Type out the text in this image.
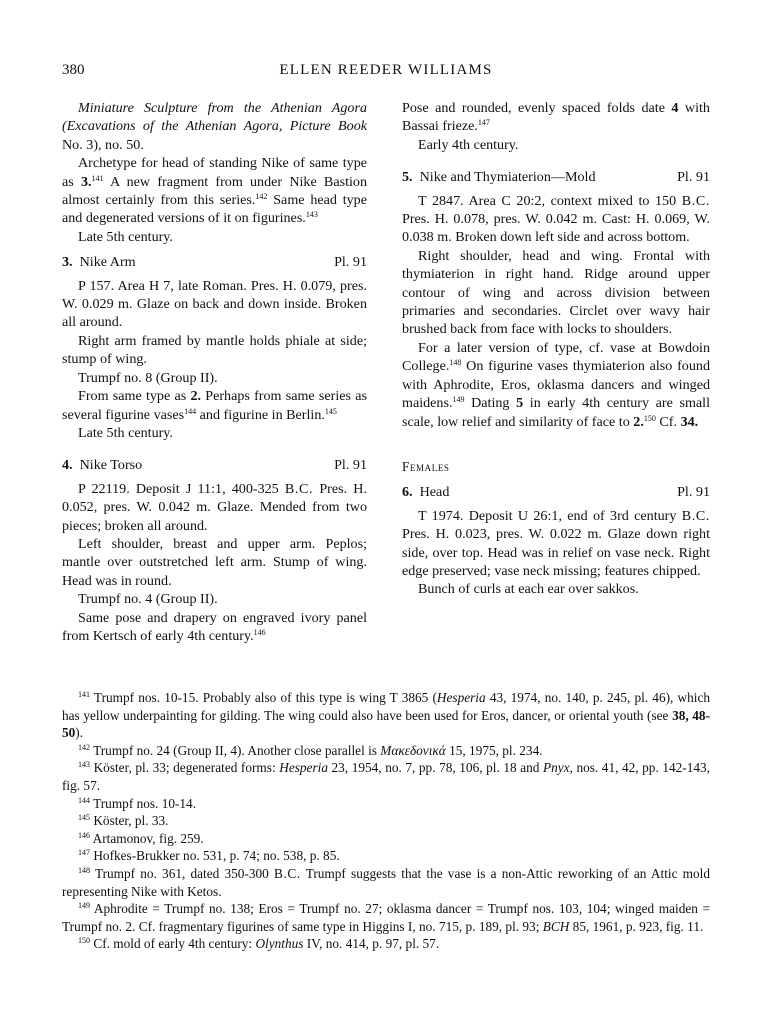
380	ELLEN REEDER WILLIAMS

Miniature Sculpture from the Athenian Agora (Excavations of the Athenian Agora, Picture Book No. 3), no. 50.

Archetype for head of standing Nike of same type as 3.$^{141}$ A new fragment from under Nike Bastion almost certainly from this series.$^{142}$ Same head type and degenerated versions of it on figurines.$^{143}$

Late 5th century.

3. Nike Arm	Pl. 91

P 157. Area H 7, late Roman. Pres. H. 0.079, pres. W. 0.029 m. Glaze on back and down inside. Broken all around.

Right arm framed by mantle holds phiale at side; stump of wing.

Trumpf no. 8 (Group II).

From same type as 2. Perhaps from same series as several figurine vases$^{144}$ and figurine in Berlin.$^{145}$

Late 5th century.

4. Nike Torso	Pl. 91

P 22119. Deposit J 11:1, 400-325 B.C. Pres. H. 0.052, pres. W. 0.042 m. Glaze. Mended from two pieces; broken all around.

Left shoulder, breast and upper arm. Peplos; mantle over outstretched left arm. Stump of wing. Head was in round.

Trumpf no. 4 (Group II).

Same pose and drapery on engraved ivory panel from Kertsch of early 4th century.$^{146}$

Pose and rounded, evenly spaced folds date 4 with Bassai frieze.$^{147}$

Early 4th century.

5. Nike and Thymiaterion—Mold	Pl. 91

T 2847. Area C 20:2, context mixed to 150 B.C. Pres. H. 0.078, pres. W. 0.042 m. Cast: H. 0.069, W. 0.038 m. Broken down left side and across bottom.

Right shoulder, head and wing. Frontal with thymiaterion in right hand. Ridge around upper contour of wing and across division between primaries and secondaries. Circlet over wavy hair brushed back from face with locks to shoulders.

For a later version of type, cf. vase at Bowdoin College.$^{148}$ On figurine vases thymiaterion also found with Aphrodite, Eros, oklasma dancers and winged maidens.$^{149}$ Dating 5 in early 4th century are small scale, low relief and similarity of face to 2.$^{150}$ Cf. 34.

Females

6. Head	Pl. 91

T 1974. Deposit U 26:1, end of 3rd century B.C. Pres. H. 0.023, pres. W. 0.022 m. Glaze down right side, over top. Head was in relief on vase neck. Right edge preserved; vase neck missing; features chipped.

Bunch of curls at each ear over sakkos.

$^{141}$ Trumpf nos. 10-15. Probably also of this type is wing T 3865 (Hesperia 43, 1974, no. 140, p. 245, pl. 46), which has yellow underpainting for gilding. The wing could also have been used for Eros, dancer, or oriental youth (see 38, 48-50).

$^{142}$ Trumpf no. 24 (Group II, 4). Another close parallel is Μακεδονικά 15, 1975, pl. 234.

$^{143}$ Köster, pl. 33; degenerated forms: Hesperia 23, 1954, no. 7, pp. 78, 106, pl. 18 and Pnyx, nos. 41, 42, pp. 142-143, fig. 57.

$^{144}$ Trumpf nos. 10-14.

$^{145}$ Köster, pl. 33.

$^{146}$ Artamonov, fig. 259.

$^{147}$ Hofkes-Brukker no. 531, p. 74; no. 538, p. 85.

$^{148}$ Trumpf no. 361, dated 350-300 B.C. Trumpf suggests that the vase is a non-Attic reworking of an Attic mold representing Nike with Ketos.

$^{149}$ Aphrodite = Trumpf no. 138; Eros = Trumpf no. 27; oklasma dancer = Trumpf nos. 103, 104; winged maiden = Trumpf no. 2. Cf. fragmentary figurines of same type in Higgins I, no. 715, p. 189, pl. 93; BCH 85, 1961, p. 923, fig. 11.

$^{150}$ Cf. mold of early 4th century: Olynthus IV, no. 414, p. 97, pl. 57.
